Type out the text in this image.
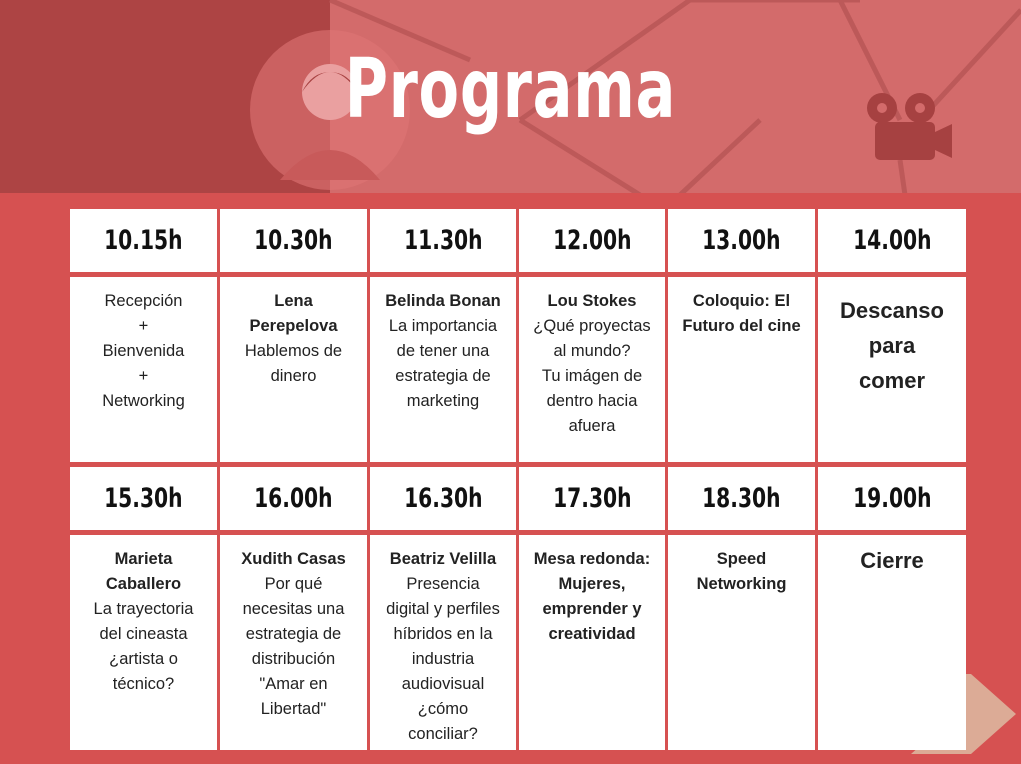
Programa
10.15h
Recepción
+
Bienvenida
+
Networking
10.30h
Lena
Perepelova
Hablemos de
dinero
11.30h
Belinda Bonan
La importancia
de tener una
estrategia de
marketing
12.00h
Lou Stokes
¿Qué proyectas
al mundo?
Tu imágen de
dentro hacia
afuera
13.00h
Coloquio: El
Futuro del cine
14.00h
Descanso
para
comer
15.30h
Marieta
Caballero
La trayectoria
del cineasta
¿artista o
técnico?
16.00h
Xudith Casas
Por qué
necesitas una
estrategia de
distribución
"Amar en
Libertad"
16.30h
Beatriz Velilla
Presencia
digital y perfiles
híbridos en la
industria
audiovisual
¿cómo
conciliar?
17.30h
Mesa redonda:
Mujeres,
emprender y
creatividad
18.30h
Speed
Networking
19.00h
Cierre
